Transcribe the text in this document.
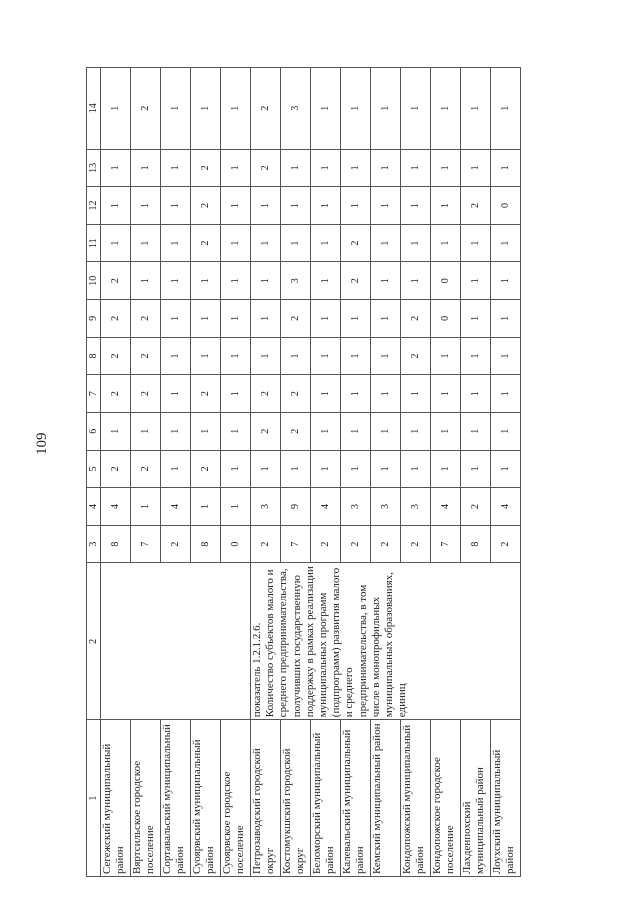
109
1	2	3	4	5	6	7	8	9	10	11	12	13	14
Сегежский муниципальный район		8	4	2	1	2	2	2	2	1	1	1	1
Вяртсильское городское поселение		7	1	2	1	2	2	2	1	1	1	1	2
Сортавальский муниципальный район		2	4	1	1	1	1	1	1	1	1	1	1
Суоярвский муниципальный район		8	1	2	1	2	1	1	1	2	2	2	1
Суоярвское городское поселение		0	1	1	1	1	1	1	1	1	1	1	1
Петрозаводский городской округ	показатель 1.2.1.2.6. Количество субъектов малого и среднего предпринимательства, получивших государственную поддержку в рамках реализации муниципальных программ (подпрограмм) развития малого и среднего предпринимательства, в том числе в монопрофильных муниципальных образованиях, единиц	2	3	1	2	2	1	1	1	1	1	2	2
Костомукшский городской округ		7	9	1	2	2	1	2	3	1	1	1	3
Беломорский муниципальный район		2	4	1	1	1	1	1	1	1	1	1	1
Калевальский муниципальный район		2	3	1	1	1	1	1	2	2	1	1	1
Кемский муниципальный район		2	3	1	1	1	1	1	1	1	1	1	1
Кондопожский муниципальный район		2	3	1	1	1	2	2	1	1	1	1	1
Кондопожское городское поселение		7	4	1	1	1	1	0	0	1	1	1	1
Лахденпохский муниципальный район		8	2	1	1	1	1	1	1	1	2	1	1
Лоухский муниципальный район		2	4	1	1	1	1	1	1	1	0	1	1
